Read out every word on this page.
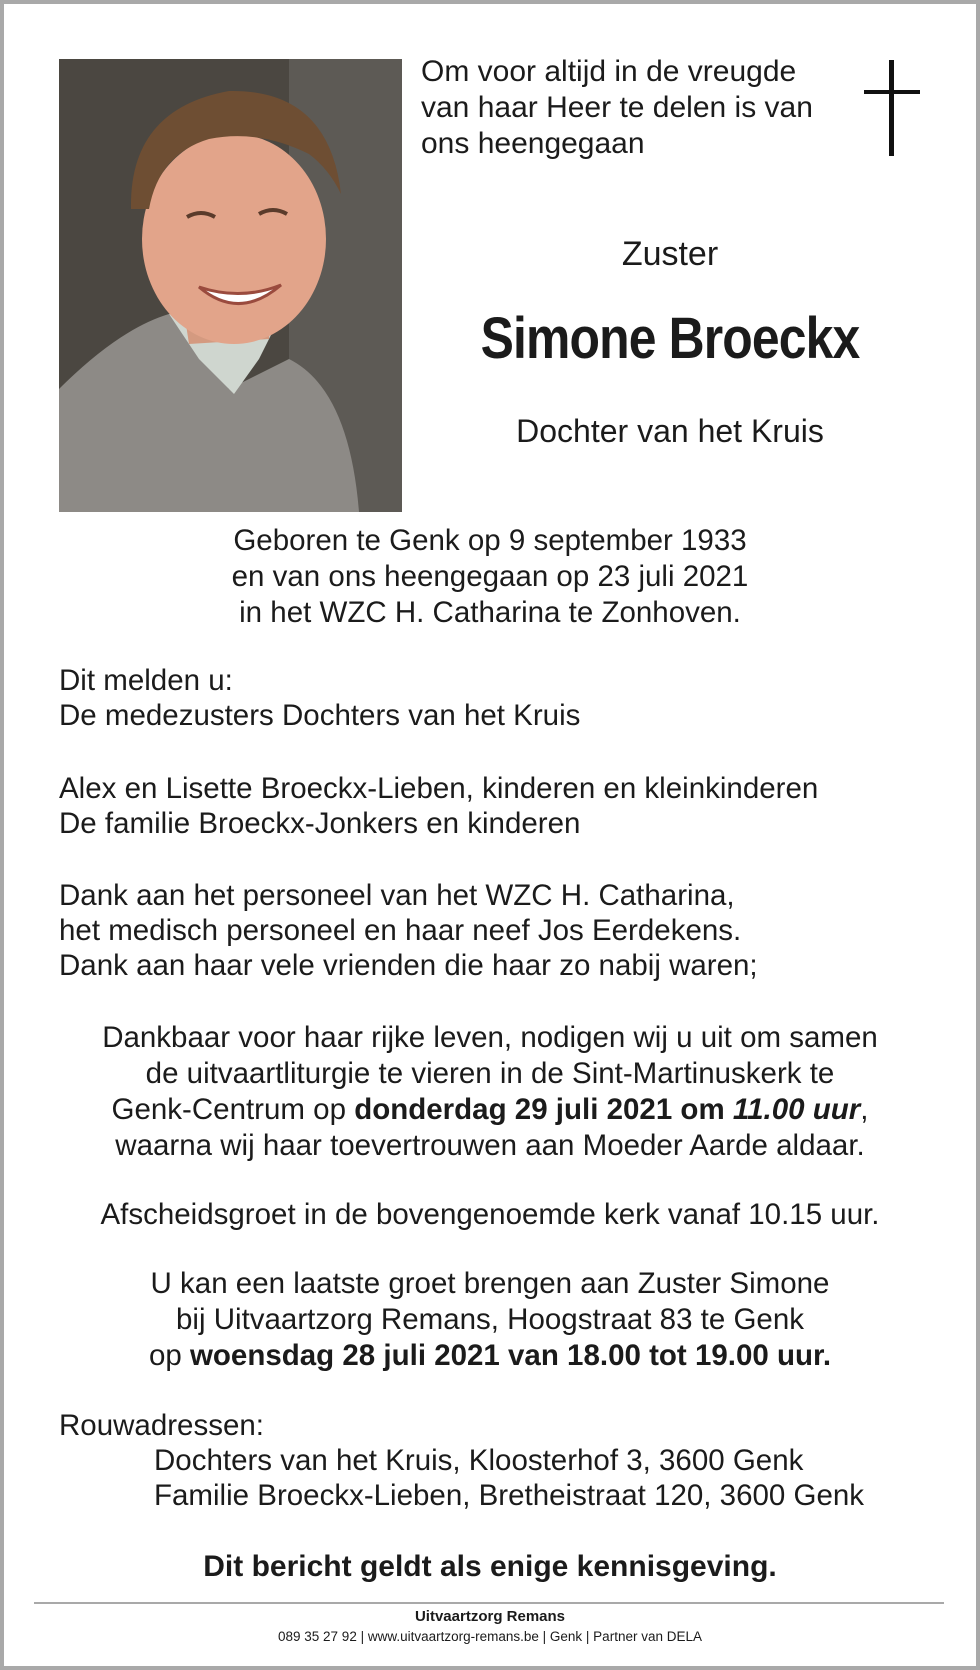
Om voor altijd in de vreugde
van haar Heer te delen is van
ons heengegaan
Zuster
Simone Broeckx
Dochter van het Kruis
Geboren te Genk op 9 september 1933
en van ons heengegaan op 23 juli 2021
in het WZC H. Catharina te Zonhoven.
Dit melden u:
De medezusters Dochters van het Kruis
Alex en Lisette Broeckx-Lieben, kinderen en kleinkinderen
De familie Broeckx-Jonkers en kinderen
Dank aan het personeel van het WZC H. Catharina,
het medisch personeel en haar neef Jos Eerdekens.
Dank aan haar vele vrienden die haar zo nabij waren;
Dankbaar voor haar rijke leven, nodigen wij u uit om samen
de uitvaartliturgie te vieren in de Sint-Martinuskerk te
Genk-Centrum op donderdag 29 juli 2021 om 11.00 uur,
waarna wij haar toevertrouwen aan Moeder Aarde aldaar.
Afscheidsgroet in de bovengenoemde kerk vanaf 10.15 uur.
U kan een laatste groet brengen aan Zuster Simone
bij Uitvaartzorg Remans, Hoogstraat 83 te Genk
op woensdag 28 juli 2021 van 18.00 tot 19.00 uur.
Rouwadressen:
Dochters van het Kruis, Kloosterhof 3, 3600 Genk
Familie Broeckx-Lieben, Bretheistraat 120, 3600 Genk
Dit bericht geldt als enige kennisgeving.
Uitvaartzorg Remans
089 35 27 92 | www.uitvaartzorg-remans.be | Genk | Partner van DELA
